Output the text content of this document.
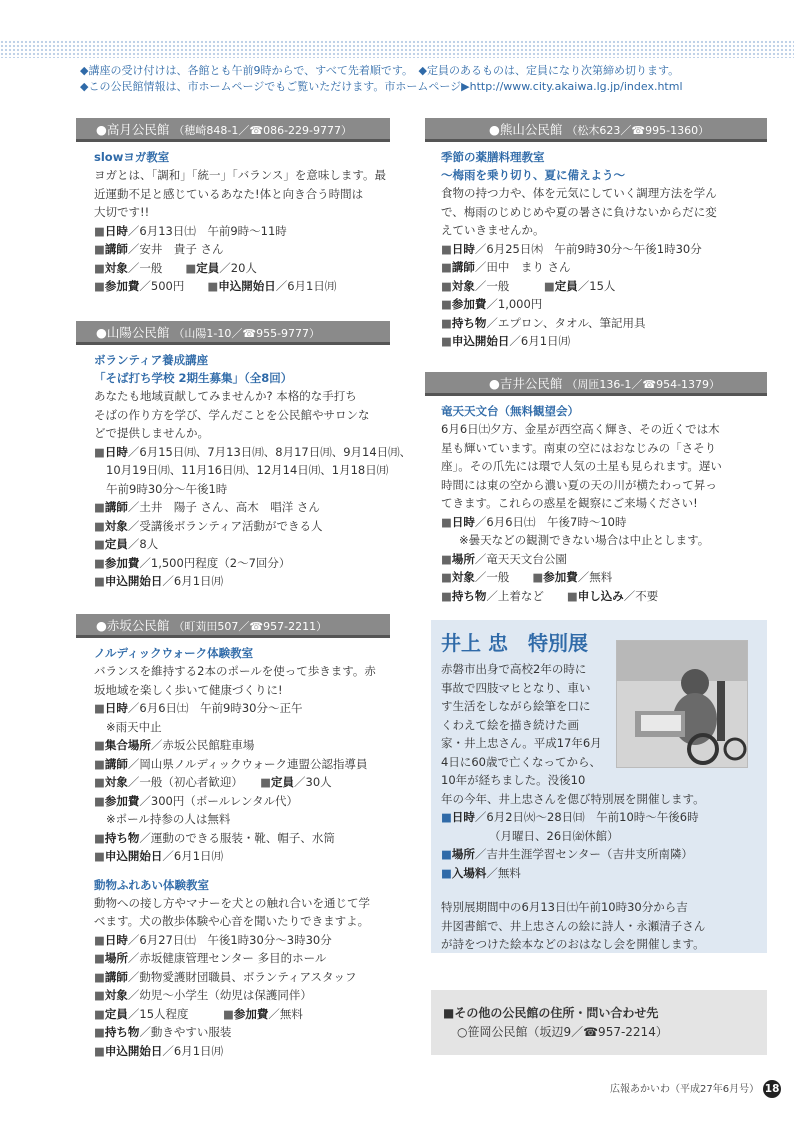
◆講座の受け付けは、各館とも午前9時からで、すべて先着順です。　◆定員のあるものは、定員になり次第締め切ります。
◆この公民館情報は、市ホームページでもご覧いただけます。市ホームページ▶http://www.city.akaiwa.lg.jp/index.html
●高月公民館 （穂崎848-1／☎086-229-9777）
slowヨガ教室
ヨガとは、「調和」「統一」「バランス」を意味します。最
近運動不足と感じているあなた!体と向き合う時間は
大切です!!
■日時／6月13日㈯　午前9時～11時
■講師／安井　貴子 さん
■対象／一般　　■定員／20人
■参加費／500円　　■申込開始日／6月1日㈪
●山陽公民館 （山陽1-10／☎955-9777）
ボランティア養成講座
「そば打ち学校 2期生募集」（全8回）
あなたも地域貢献してみませんか? 本格的な手打ち
そばの作り方を学び、学んだことを公民館やサロンな
どで提供しませんか。
■日時／6月15日㈪、7月13日㈪、8月17日㈪、9月14日㈪、
10月19日㈪、11月16日㈪、12月14日㈪、1月18日㈪
午前9時30分～午後1時
■講師／土井　陽子 さん、高木　唱洋 さん
■対象／受講後ボランティア活動ができる人
■定員／8人
■参加費／1,500円程度（2～7回分）
■申込開始日／6月1日㈪
●赤坂公民館 （町苅田507／☎957-2211）
ノルディックウォーク体験教室
バランスを維持する2本のポールを使って歩きます。赤
坂地域を楽しく歩いて健康づくりに!
■日時／6月6日㈯　午前9時30分～正午
※雨天中止
■集合場所／赤坂公民館駐車場
■講師／岡山県ノルディックウォーク連盟公認指導員
■対象／一般（初心者歓迎）　　■定員／30人
■参加費／300円（ポールレンタル代）
※ポール持参の人は無料
■持ち物／運動のできる服装・靴、帽子、水筒
■申込開始日／6月1日㈪
動物ふれあい体験教室
動物への接し方やマナーを犬との触れ合いを通じて学
べます。犬の散歩体験や心音を聞いたりできますよ。
■日時／6月27日㈯　午後1時30分～3時30分
■場所／赤坂健康管理センター 多目的ホール
■講師／動物愛護財団職員、ボランティアスタッフ
■対象／幼児～小学生（幼児は保護同伴）
■定員／15人程度　　　■参加費／無料
■持ち物／動きやすい服装
■申込開始日／6月1日㈪
●熊山公民館 （松木623／☎995-1360）
季節の薬膳料理教室
～梅雨を乗り切り、夏に備えよう～
食物の持つ力や、体を元気にしていく調理方法を学ん
で、梅雨のじめじめや夏の暑さに負けないからだに変
えていきませんか。
■日時／6月25日㈭　午前9時30分～午後1時30分
■講師／田中　まり さん
■対象／一般　　　■定員／15人
■参加費／1,000円
■持ち物／エプロン、タオル、筆記用具
■申込開始日／6月1日㈪
●吉井公民館 （周匝136-1／☎954-1379）
竜天天文台（無料観望会）
6月6日㈯夕方、金星が西空高く輝き、その近くでは木
星も輝いています。南東の空にはおなじみの「さそり
座」。その爪先には環で人気の土星も見られます。遅い
時間には東の空から濃い夏の天の川が横たわって昇っ
てきます。これらの惑星を観察にご来場ください!
■日時／6月6日㈯　午後7時～10時
※曇天などの観測できない場合は中止とします。
■場所／竜天天文台公園
■対象／一般　　■参加費／無料
■持ち物／上着など　　■申し込み／不要
井上 忠　特別展
赤磐市出身で高校2年の時に
事故で四肢マヒとなり、車い
す生活をしながら絵筆を口に
くわえて絵を描き続けた画
家・井上忠さん。平成17年6月
4日に60歳で亡くなってから、
10年が経ちました。没後10
年の今年、井上忠さんを偲び特別展を開催します。
■日時／6月2日㈫～28日㈰　午前10時～午後6時
（月曜日、26日㈮休館）
■場所／吉井生涯学習センター（吉井支所南隣）
■入場料／無料
特別展期間中の6月13日㈯午前10時30分から吉
井図書館で、井上忠さんの絵に詩人・永瀬清子さん
が詩をつけた絵本などのおはなし会を開催します。
■その他の公民館の住所・問い合わせ先
○笹岡公民館（坂辺9／☎957-2214）
広報あかいわ（平成27年6月号） 18
